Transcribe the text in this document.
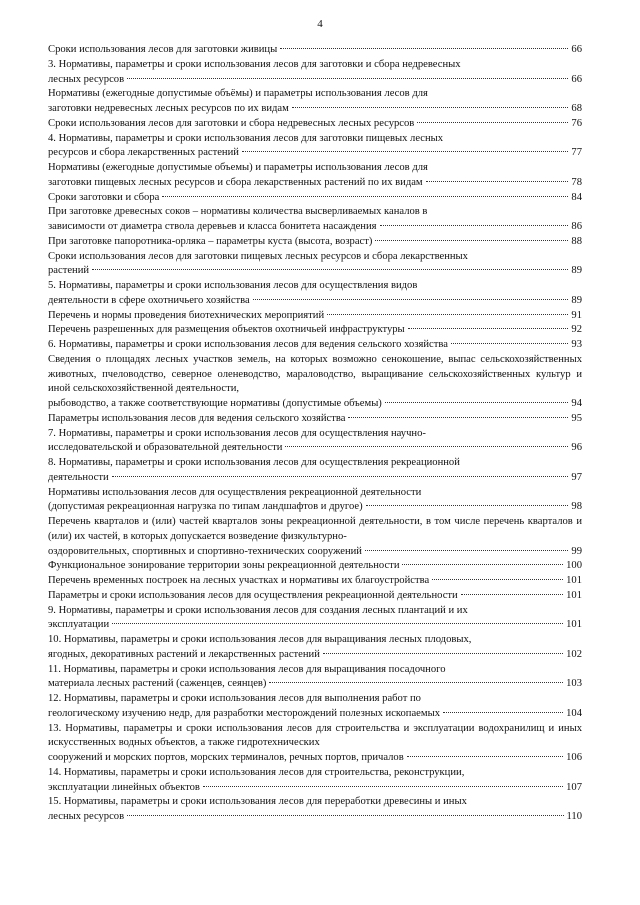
4
Сроки использования лесов для заготовки живицы	66
3. Нормативы, параметры и сроки использования лесов для заготовки и сбора недревесных
лесных ресурсов	66
Нормативы (ежегодные допустимые объёмы) и параметры использования лесов для
заготовки недревесных лесных ресурсов по их видам	68
Сроки использования лесов для заготовки и сбора недревесных лесных ресурсов	76
4. Нормативы, параметры и сроки использования лесов для заготовки пищевых лесных
ресурсов и сбора лекарственных растений	77
Нормативы (ежегодные допустимые объемы) и параметры использования лесов для
заготовки пищевых лесных ресурсов и сбора лекарственных растений по их видам	78
Сроки заготовки и сбора	84
При заготовке древесных соков – нормативы количества высверливаемых каналов в
зависимости от диаметра ствола деревьев и класса бонитета насаждения	86
При заготовке папоротника-орляка – параметры куста (высота, возраст)	88
Сроки использования лесов для заготовки пищевых лесных ресурсов и сбора лекарственных
растений	89
5. Нормативы, параметры и сроки использования лесов для осуществления видов
деятельности в сфере охотничьего хозяйства	89
Перечень и нормы проведения биотехнических мероприятий	91
Перечень разрешенных для размещения объектов охотничьей инфраструктуры	92
6. Нормативы, параметры и сроки использования лесов для ведения сельского хозяйства	93
Сведения о площадях лесных участков земель, на которых возможно сенокошение, выпас сельскохозяйственных животных, пчеловодство, северное оленеводство, мараловодство, выращивание сельскохозяйственных культур и иной сельскохозяйственной деятельности,
рыбоводство, а также соответствующие нормативы (допустимые объемы)	94
Параметры использования лесов для ведения сельского хозяйства	95
7. Нормативы, параметры и сроки использования лесов для осуществления научно-
исследовательской и образовательной деятельности	96
8. Нормативы, параметры и сроки использования лесов для осуществления рекреационной
деятельности	97
Нормативы использования лесов для осуществления рекреационной деятельности
(допустимая рекреационная нагрузка по типам ландшафтов и другое)	98
Перечень кварталов и (или) частей кварталов зоны рекреационной деятельности, в том числе перечень кварталов и (или) их частей, в которых допускается возведение физкультурно-
оздоровительных, спортивных и спортивно-технических сооружений	99
Функциональное зонирование территории зоны рекреационной деятельности	100
Перечень временных построек на лесных участках и нормативы их благоустройства	101
Параметры и сроки использования лесов для осуществления рекреационной деятельности	101
9. Нормативы, параметры и сроки использования лесов для создания лесных плантаций и их
эксплуатации	101
10. Нормативы, параметры и сроки использования лесов для выращивания лесных плодовых,
ягодных, декоративных растений и лекарственных растений	102
11. Нормативы, параметры и сроки использования лесов для выращивания посадочного
материала лесных растений (саженцев, сеянцев)	103
12. Нормативы, параметры и сроки использования лесов для выполнения работ по
геологическому изучению недр, для разработки месторождений полезных ископаемых	104
13. Нормативы, параметры и сроки использования лесов для строительства и эксплуатации водохранилищ и иных искусственных водных объектов, а также гидротехнических
сооружений и морских портов, морских терминалов, речных портов, причалов	106
14. Нормативы, параметры и сроки использования лесов для строительства, реконструкции,
эксплуатации линейных объектов	107
15. Нормативы, параметры и сроки использования лесов для переработки древесины и иных
лесных ресурсов	110
